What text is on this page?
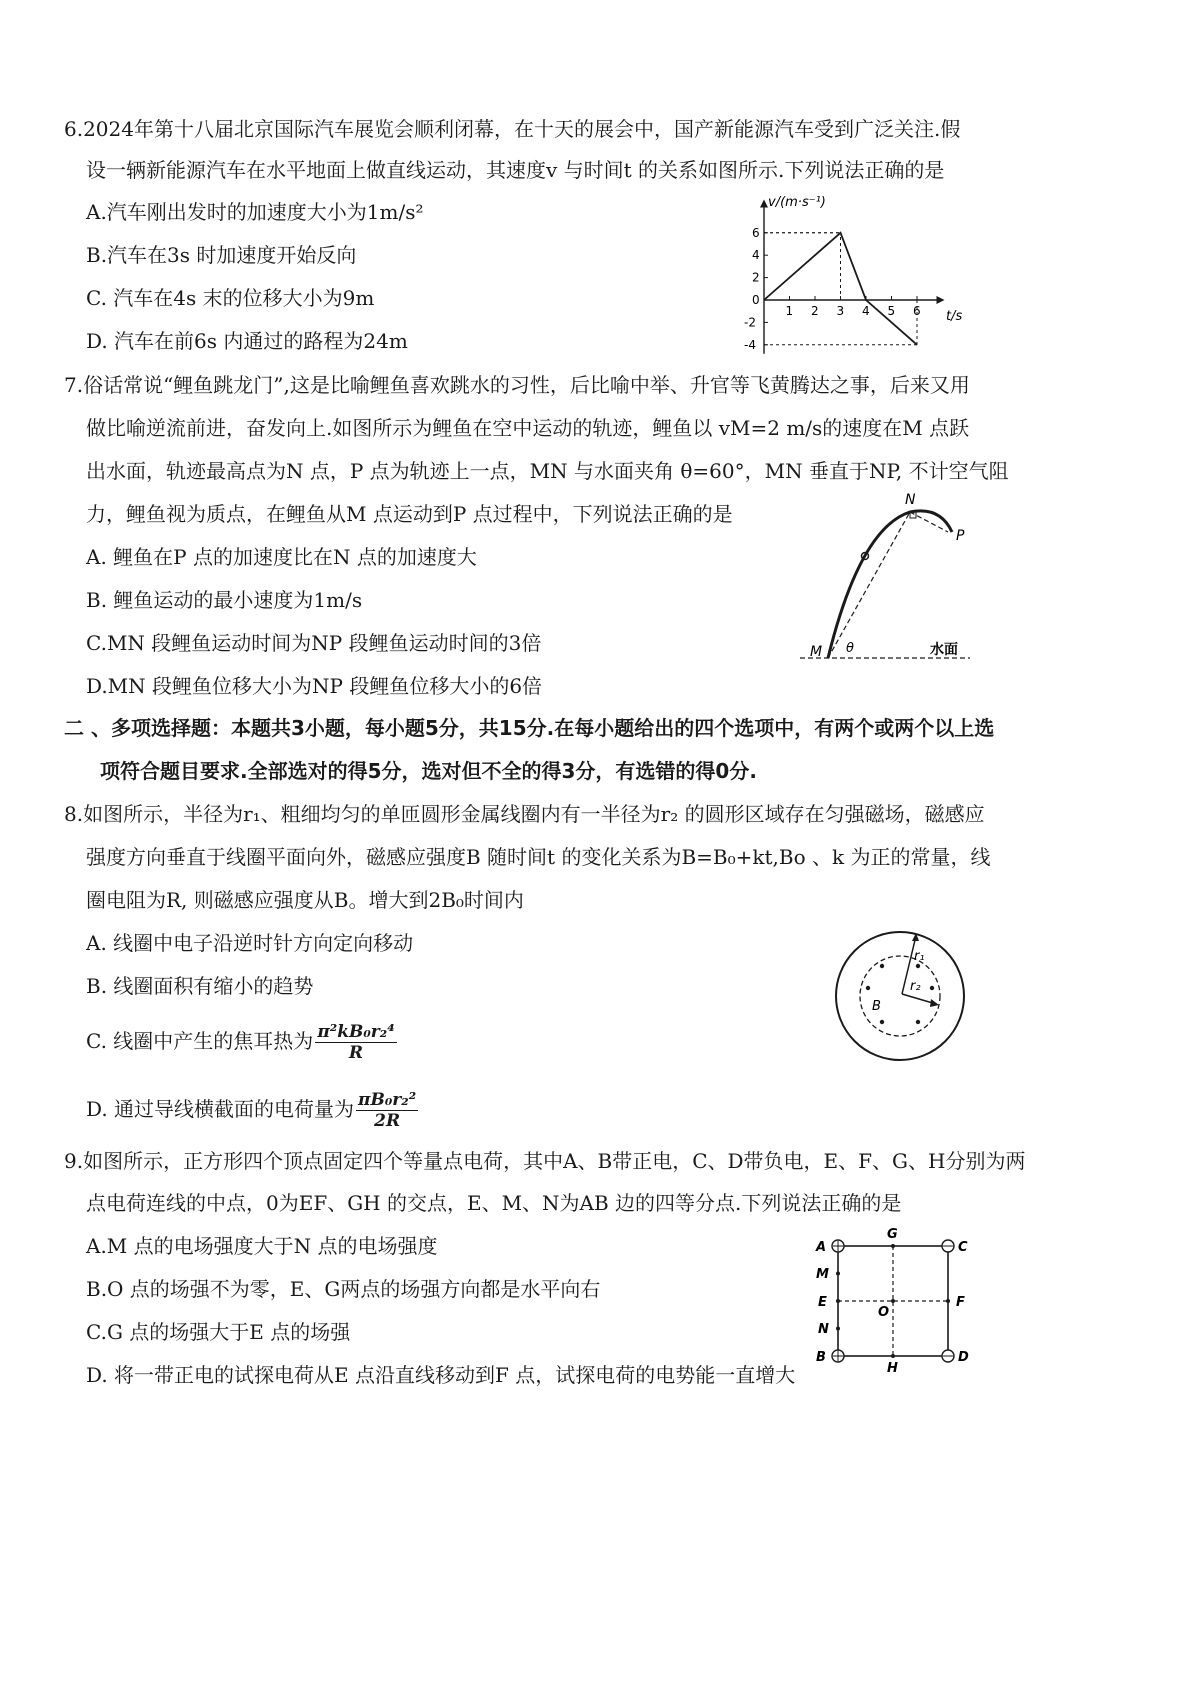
6.2024年第十八届北京国际汽车展览会顺利闭幕，在十天的展会中，国产新能源汽车受到广泛关注.假
设一辆新能源汽车在水平地面上做直线运动，其速度v 与时间t 的关系如图所示.下列说法正确的是
A.汽车刚出发时的加速度大小为1m/s²
B.汽车在3s 时加速度开始反向
C. 汽车在4s 末的位移大小为9m
D. 汽车在前6s 内通过的路程为24m
1 2 3 4 5 6
-4
-2
0
2
4
6
v/(m·s⁻¹)
t/s
7.俗话常说“鲤鱼跳龙门”,这是比喻鲤鱼喜欢跳水的习性，后比喻中举、升官等飞黄腾达之事，后来又用
做比喻逆流前进，奋发向上.如图所示为鲤鱼在空中运动的轨迹，鲤鱼以 vM=2 m/s的速度在M 点跃
出水面，轨迹最高点为N 点，P 点为轨迹上一点，MN 与水面夹角 θ=60°，MN 垂直于NP, 不计空气阻
力，鲤鱼视为质点，在鲤鱼从M 点运动到P 点过程中，下列说法正确的是
A. 鲤鱼在P 点的加速度比在N 点的加速度大
B. 鲤鱼运动的最小速度为1m/s
C.MN 段鲤鱼运动时间为NP 段鲤鱼运动时间的3倍
D.MN 段鲤鱼位移大小为NP 段鲤鱼位移大小的6倍
N
P
M θ	水面
二 、多项选择题：本题共3小题，每小题5分，共15分.在每小题给出的四个选项中，有两个或两个以上选
项符合题目要求.全部选对的得5分，选对但不全的得3分，有选错的得0分.
8.如图所示，半径为r₁、粗细均匀的单匝圆形金属线圈内有一半径为r₂ 的圆形区域存在匀强磁场，磁感应
强度方向垂直于线圈平面向外，磁感应强度B 随时间t 的变化关系为B=B₀+kt,Bo 、k 为正的常量，线
圈电阻为R, 则磁感应强度从B。增大到2B₀时间内
A. 线圈中电子沿逆时针方向定向移动
B. 线圈面积有缩小的趋势
C. 线圈中产生的焦耳热为 $\frac{\text{π²kB₀r₂⁴}}{R}$
D. 通过导线横截面的电荷量为 $\frac{\text{πB₀r₂²}}{2R}$
r₁
r₂
B
9.如图所示，正方形四个顶点固定四个等量点电荷，其中A、B带正电，C、D带负电，E、F、G、H分别为两
点电荷连线的中点，0为EF、GH 的交点，E、M、N为AB 边的四等分点.下列说法正确的是
A.M 点的电场强度大于N 点的电场强度
B.O 点的场强不为零，E、G两点的场强方向都是水平向右
C.G 点的场强大于E 点的场强
D. 将一带正电的试探电荷从E 点沿直线移动到F 点，试探电荷的电势能一直增大
A
B
C
D
M
E
N
F
G
H
O
